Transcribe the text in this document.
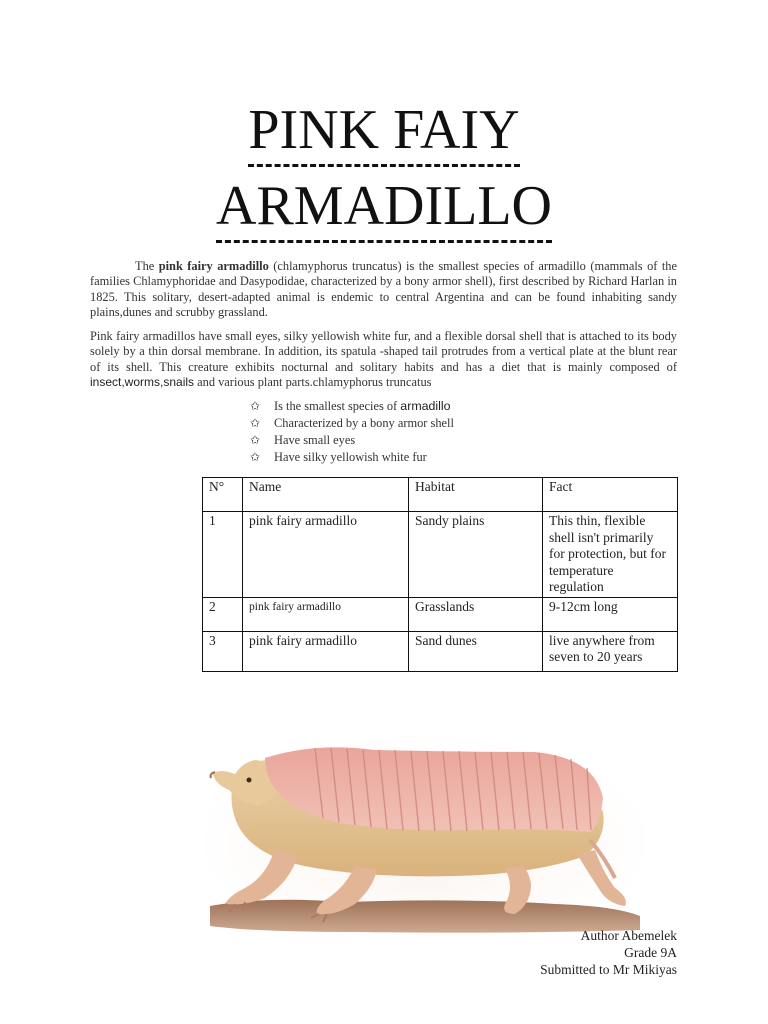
PINK FAIY
ARMADILLO

The pink fairy armadillo (chlamyphorus truncatus) is the smallest species of armadillo (mammals of the families Chlamyphoridae and Dasypodidae, characterized by a bony armor shell), first described by Richard Harlan in 1825. This solitary, desert-adapted animal is endemic to central Argentina and can be found inhabiting sandy plains,dunes and scrubby grassland.

Pink fairy armadillos have small eyes, silky yellowish white fur, and a flexible dorsal shell that is attached to its body solely by a thin dorsal membrane. In addition, its spatula -shaped tail protrudes from a vertical plate at the blunt rear of its shell. This creature exhibits nocturnal and solitary habits and has a diet that is mainly composed of insect,worms,snails and various plant parts.chlamyphorus truncatus

✩ Is the smallest species of armadillo
✩ Characterized by a bony armor shell
✩ Have small eyes
✩ Have silky yellowish white fur
N°	Name	Habitat	Fact
1	pink fairy armadillo	Sandy plains	This thin, flexible shell isn't primarily for protection, but for temperature regulation
2	pink fairy armadillo	Grasslands	9-12cm long
3	pink fairy armadillo	Sand dunes	live anywhere from seven to 20 years
Author Abemelek
Grade 9A
Submitted to Mr Mikiyas
